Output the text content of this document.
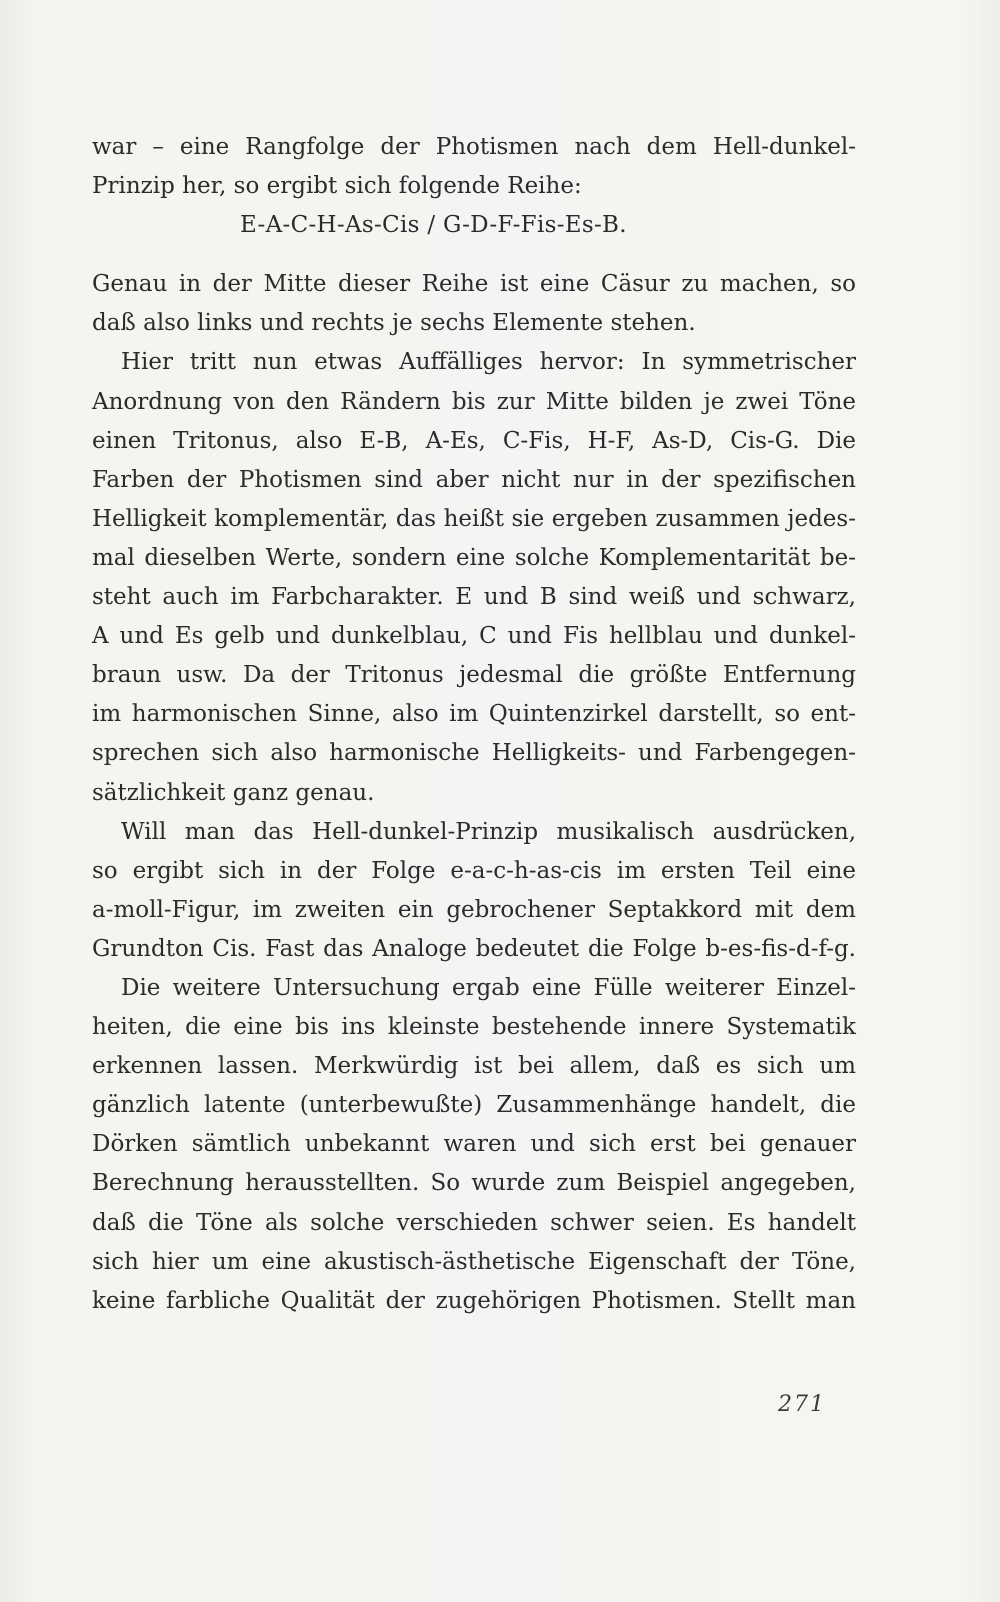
war – eine Rangfolge der Photismen nach dem Hell-dunkel-
Prinzip her, so ergibt sich folgende Reihe:
E-A-C-H-As-Cis / G-D-F-Fis-Es-B.
Genau in der Mitte dieser Reihe ist eine Cäsur zu machen, so
daß also links und rechts je sechs Elemente stehen.
Hier tritt nun etwas Auffälliges hervor: In symmetrischer
Anordnung von den Rändern bis zur Mitte bilden je zwei Töne
einen Tritonus, also E-B, A-Es, C-Fis, H-F, As-D, Cis-G. Die
Farben der Photismen sind aber nicht nur in der spezifischen
Helligkeit komplementär, das heißt sie ergeben zusammen jedes-
mal dieselben Werte, sondern eine solche Komplementarität be-
steht auch im Farbcharakter. E und B sind weiß und schwarz,
A und Es gelb und dunkelblau, C und Fis hellblau und dunkel-
braun usw. Da der Tritonus jedesmal die größte Entfernung
im harmonischen Sinne, also im Quintenzirkel darstellt, so ent-
sprechen sich also harmonische Helligkeits- und Farbengegen-
sätzlichkeit ganz genau.
Will man das Hell-dunkel-Prinzip musikalisch ausdrücken,
so ergibt sich in der Folge e-a-c-h-as-cis im ersten Teil eine
a-moll-Figur, im zweiten ein gebrochener Septakkord mit dem
Grundton Cis. Fast das Analoge bedeutet die Folge b-es-fis-d-f-g.
Die weitere Untersuchung ergab eine Fülle weiterer Einzel-
heiten, die eine bis ins kleinste bestehende innere Systematik
erkennen lassen. Merkwürdig ist bei allem, daß es sich um
gänzlich latente (unterbewußte) Zusammenhänge handelt, die
Dörken sämtlich unbekannt waren und sich erst bei genauer
Berechnung herausstellten. So wurde zum Beispiel angegeben,
daß die Töne als solche verschieden schwer seien. Es handelt
sich hier um eine akustisch-ästhetische Eigenschaft der Töne,
keine farbliche Qualität der zugehörigen Photismen. Stellt man
271
